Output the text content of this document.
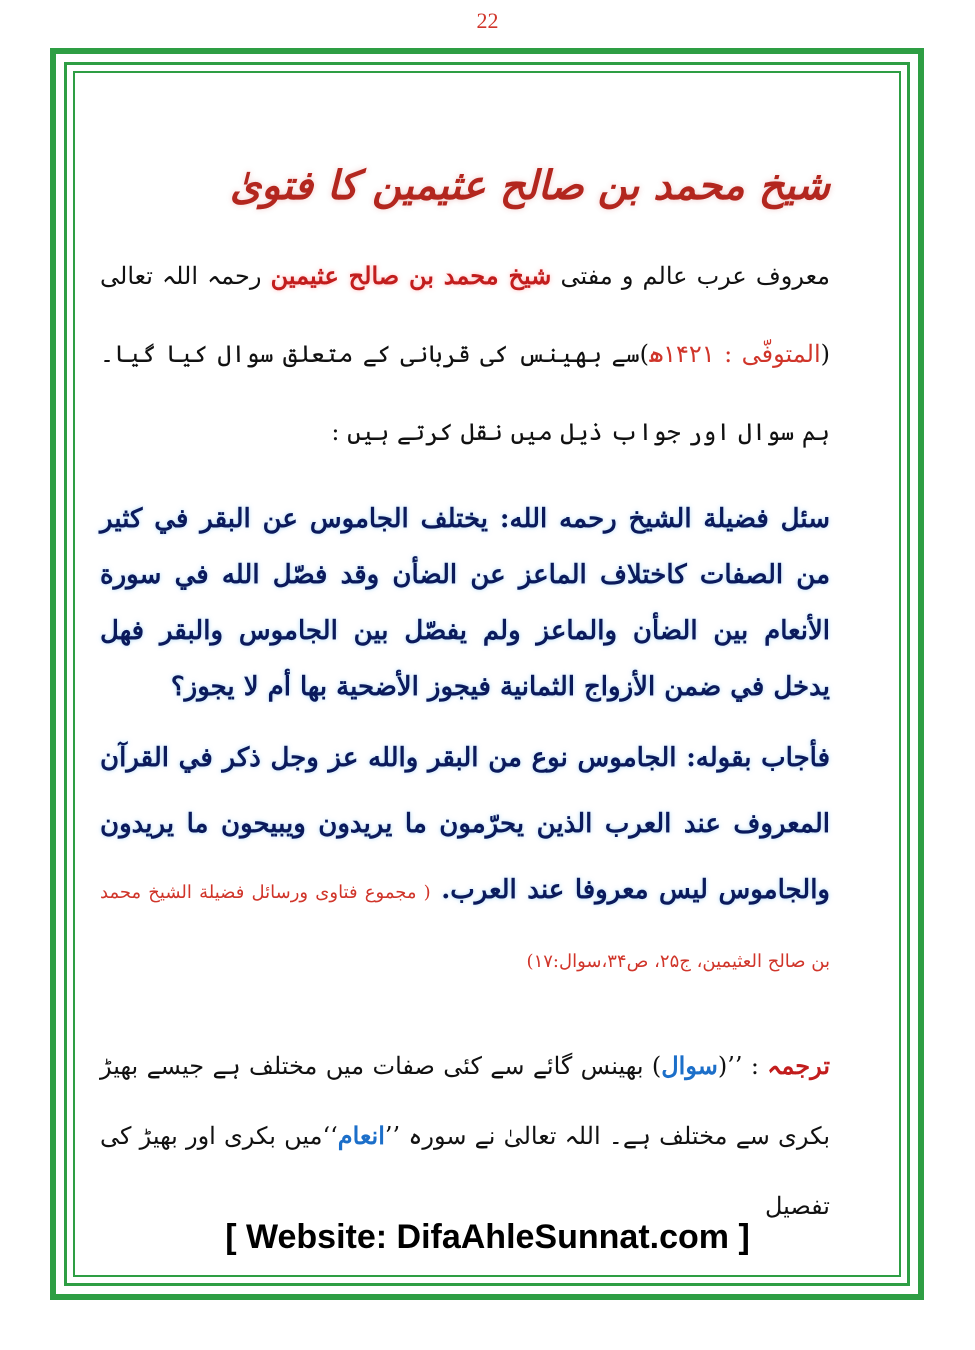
22
شیخ محمد بن صالح عثیمین کا فتویٰ

معروف عرب عالم و مفتی شیخ محمد بن صالح عثیمین رحمہ اللہ تعالی (المتوفّی : ۱۴۲۱ھ)سے بھینس کی قربانی کے متعلق سوال کیا گیا۔ ہم سوال اور جواب ذیل میں نقل کرتے ہیں :

سئل فضيلة الشيخ رحمه الله: يختلف الجاموس عن البقر في كثير من الصفات كاختلاف الماعز عن الضأن وقد فصّل الله في سورة الأنعام بين الضأن والماعز ولم يفصّل بين الجاموس والبقر فهل يدخل في ضمن الأزواج الثمانية فيجوز الأضحية بها أم لا يجوز؟

فأجاب بقوله: الجاموس نوع من البقر والله عز وجل ذكر في القرآن المعروف عند العرب الذين يحرّمون ما يريدون ويبيحون ما يريدون والجاموس ليس معروفا عند العرب. ( مجموع فتاوی ورسائل فضیلة الشیخ محمد بن صالح العثیمین، ج۲۵، ص۳۴،سوال:۱۷)

ترجمہ : ’’(سوال) بھینس گائے سے کئی صفات میں مختلف ہے جیسے بھیڑ بکری سے مختلف ہے۔ اللہ تعالیٰ نے سورہ ’’انعام‘‘میں بکری اور بھیڑ کی تفصیل

[ Website: DifaAhleSunnat.com ]
